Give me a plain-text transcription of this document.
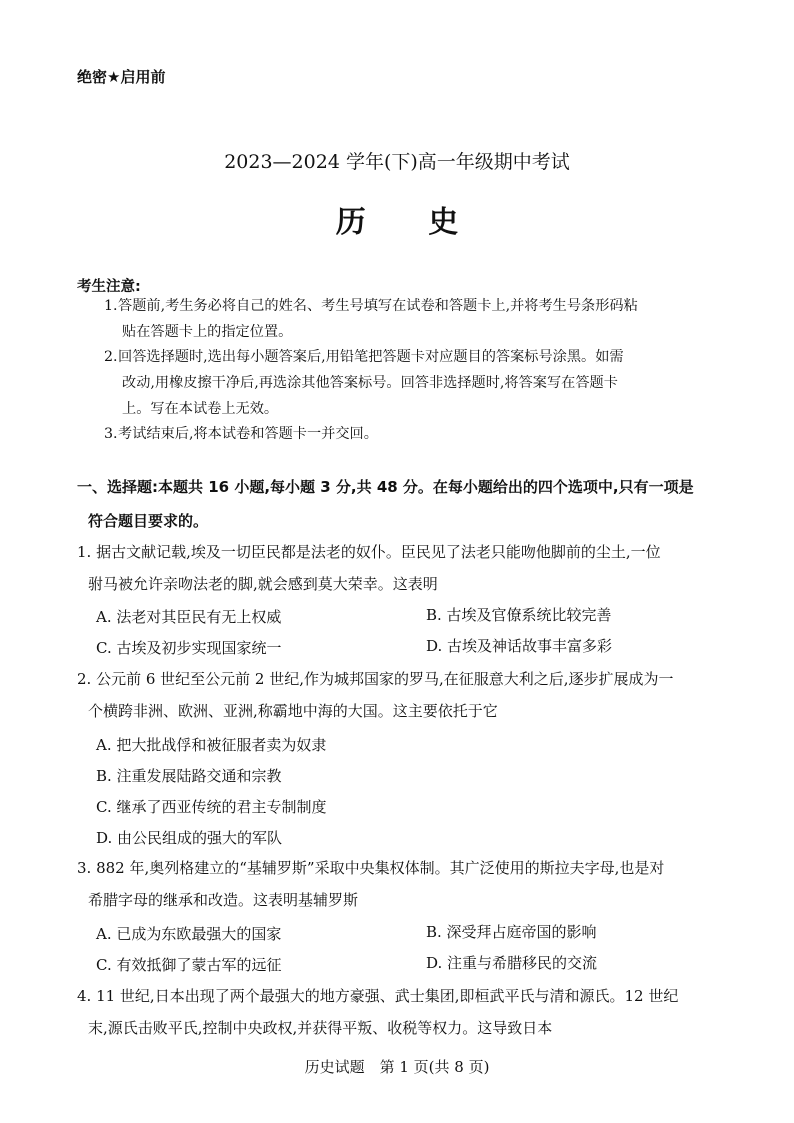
绝密★启用前
2023—2024 学年(下)高一年级期中考试
历 史
考生注意:
1.答题前,考生务必将自己的姓名、考生号填写在试卷和答题卡上,并将考生号条形码粘
贴在答题卡上的指定位置。
2.回答选择题时,选出每小题答案后,用铅笔把答题卡对应题目的答案标号涂黑。如需
改动,用橡皮擦干净后,再选涂其他答案标号。回答非选择题时,将答案写在答题卡
上。写在本试卷上无效。
3.考试结束后,将本试卷和答题卡一并交回。
一、选择题:本题共 16 小题,每小题 3 分,共 48 分。在每小题给出的四个选项中,只有一项是
符合题目要求的。
1. 据古文献记载,埃及一切臣民都是法老的奴仆。臣民见了法老只能吻他脚前的尘土,一位
驸马被允许亲吻法老的脚,就会感到莫大荣幸。这表明
A. 法老对其臣民有无上权威	B. 古埃及官僚系统比较完善
C. 古埃及初步实现国家统一	D. 古埃及神话故事丰富多彩
2. 公元前 6 世纪至公元前 2 世纪,作为城邦国家的罗马,在征服意大利之后,逐步扩展成为一
个横跨非洲、欧洲、亚洲,称霸地中海的大国。这主要依托于它
A. 把大批战俘和被征服者卖为奴隶
B. 注重发展陆路交通和宗教
C. 继承了西亚传统的君主专制制度
D. 由公民组成的强大的军队
3. 882 年,奥列格建立的“基辅罗斯”采取中央集权体制。其广泛使用的斯拉夫字母,也是对
希腊字母的继承和改造。这表明基辅罗斯
A. 已成为东欧最强大的国家	B. 深受拜占庭帝国的影响
C. 有效抵御了蒙古军的远征	D. 注重与希腊移民的交流
4. 11 世纪,日本出现了两个最强大的地方豪强、武士集团,即桓武平氏与清和源氏。12 世纪
末,源氏击败平氏,控制中央政权,并获得平叛、收税等权力。这导致日本
历史试题　第 1 页(共 8 页)
